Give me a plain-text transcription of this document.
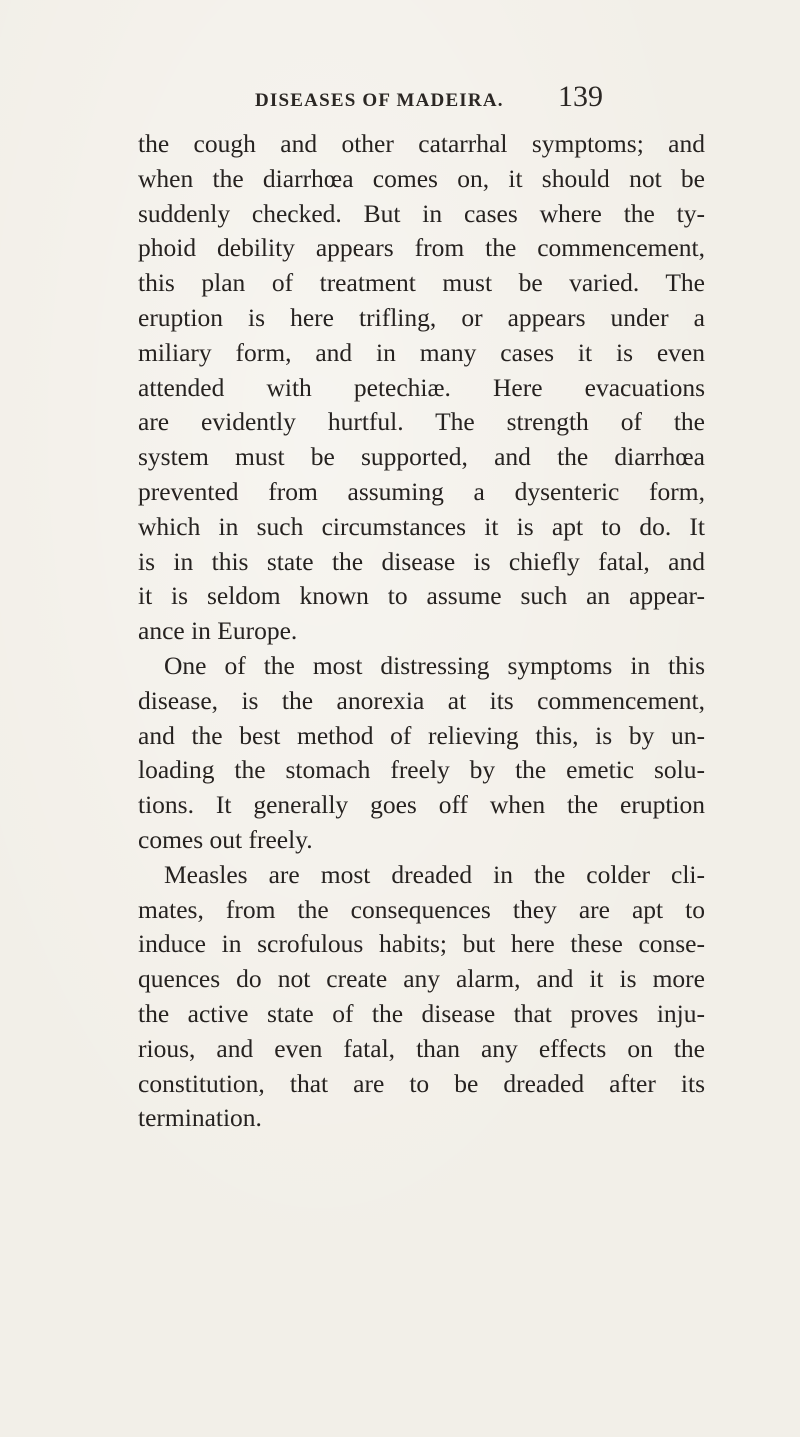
DISEASES OF MADEIRA. 139
the cough and other catarrhal symptoms; and
when the diarrhœa comes on, it should not be
suddenly checked. But in cases where the ty-
phoid debility appears from the commencement,
this plan of treatment must be varied. The
eruption is here trifling, or appears under a
miliary form, and in many cases it is even
attended with petechiæ. Here evacuations
are evidently hurtful. The strength of the
system must be supported, and the diarrhœa
prevented from assuming a dysenteric form,
which in such circumstances it is apt to do. It
is in this state the disease is chiefly fatal, and
it is seldom known to assume such an appear-
ance in Europe.
One of the most distressing symptoms in this
disease, is the anorexia at its commencement,
and the best method of relieving this, is by un-
loading the stomach freely by the emetic solu-
tions. It generally goes off when the eruption
comes out freely.
Measles are most dreaded in the colder cli-
mates, from the consequences they are apt to
induce in scrofulous habits; but here these conse-
quences do not create any alarm, and it is more
the active state of the disease that proves inju-
rious, and even fatal, than any effects on the
constitution, that are to be dreaded after its
termination.
